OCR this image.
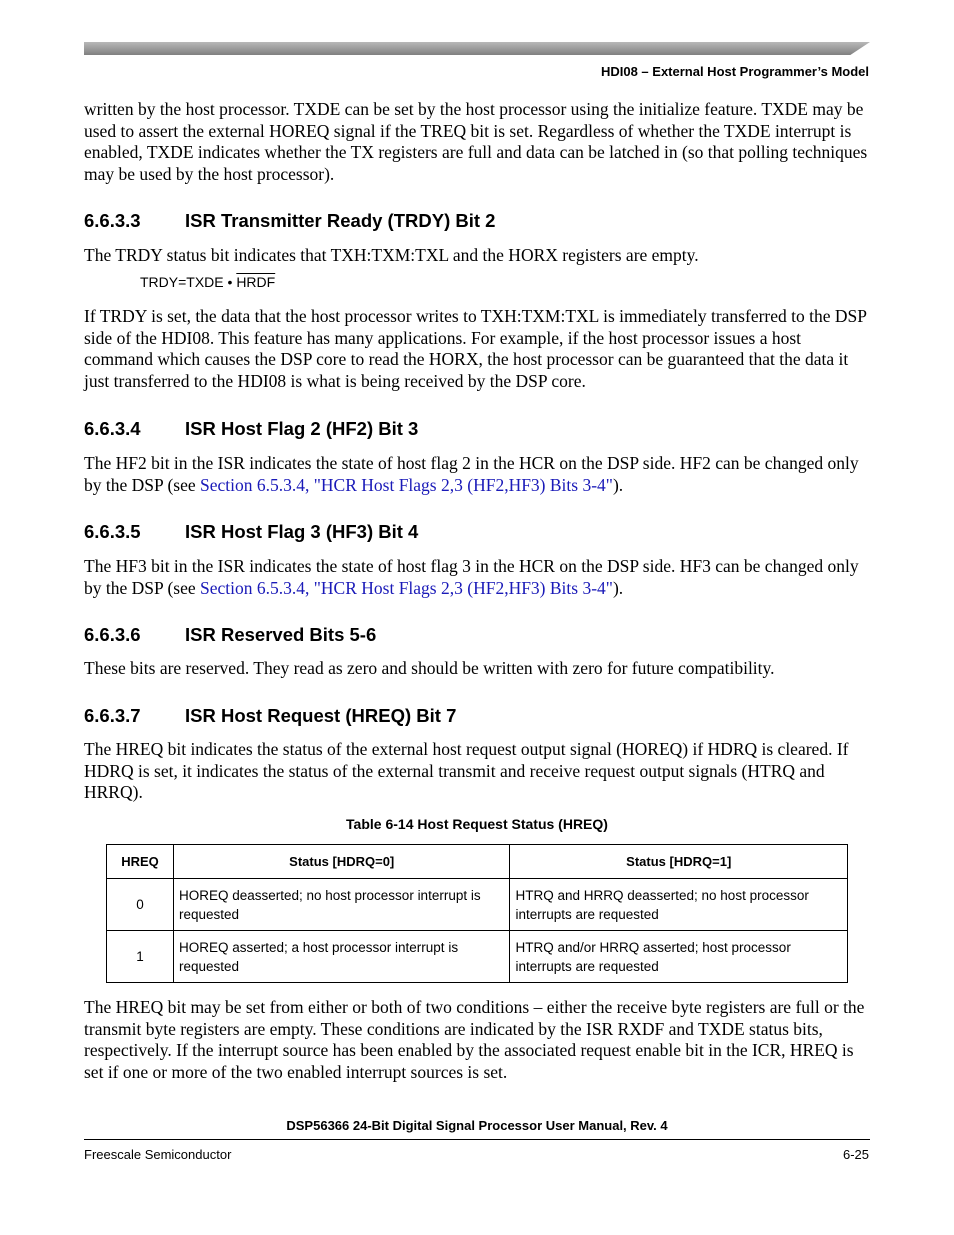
HDI08 – External Host Programmer’s Model

written by the host processor. TXDE can be set by the host processor using the initialize feature. TXDE may be used to assert the external HOREQ signal if the TREQ bit is set. Regardless of whether the TXDE interrupt is enabled, TXDE indicates whether the TX registers are full and data can be latched in (so that polling techniques may be used by the host processor).

6.6.3.3 ISR Transmitter Ready (TRDY) Bit 2

The TRDY status bit indicates that TXH:TXM:TXL and the HORX registers are empty.

TRDY=TXDE • HRDF

If TRDY is set, the data that the host processor writes to TXH:TXM:TXL is immediately transferred to the DSP side of the HDI08. This feature has many applications. For example, if the host processor issues a host command which causes the DSP core to read the HORX, the host processor can be guaranteed that the data it just transferred to the HDI08 is what is being received by the DSP core.

6.6.3.4 ISR Host Flag 2 (HF2) Bit 3

The HF2 bit in the ISR indicates the state of host flag 2 in the HCR on the DSP side. HF2 can be changed only by the DSP (see Section 6.5.3.4, "HCR Host Flags 2,3 (HF2,HF3) Bits 3-4").

6.6.3.5 ISR Host Flag 3 (HF3) Bit 4

The HF3 bit in the ISR indicates the state of host flag 3 in the HCR on the DSP side. HF3 can be changed only by the DSP (see Section 6.5.3.4, "HCR Host Flags 2,3 (HF2,HF3) Bits 3-4").

6.6.3.6 ISR Reserved Bits 5-6

These bits are reserved. They read as zero and should be written with zero for future compatibility.

6.6.3.7 ISR Host Request (HREQ) Bit 7

The HREQ bit indicates the status of the external host request output signal (HOREQ) if HDRQ is cleared. If HDRQ is set, it indicates the status of the external transmit and receive request output signals (HTRQ and HRRQ).

Table 6-14 Host Request Status (HREQ)
HREQ	Status [HDRQ=0]	Status [HDRQ=1]
0	HOREQ deasserted; no host processor interrupt is requested	HTRQ and HRRQ deasserted; no host processor interrupts are requested
1	HOREQ asserted; a host processor interrupt is requested	HTRQ and/or HRRQ asserted; host processor interrupts are requested

The HREQ bit may be set from either or both of two conditions – either the receive byte registers are full or the transmit byte registers are empty. These conditions are indicated by the ISR RXDF and TXDE status bits, respectively. If the interrupt source has been enabled by the associated request enable bit in the ICR, HREQ is set if one or more of the two enabled interrupt sources is set.

DSP56366 24-Bit Digital Signal Processor User Manual, Rev. 4
Freescale Semiconductor	6-25
